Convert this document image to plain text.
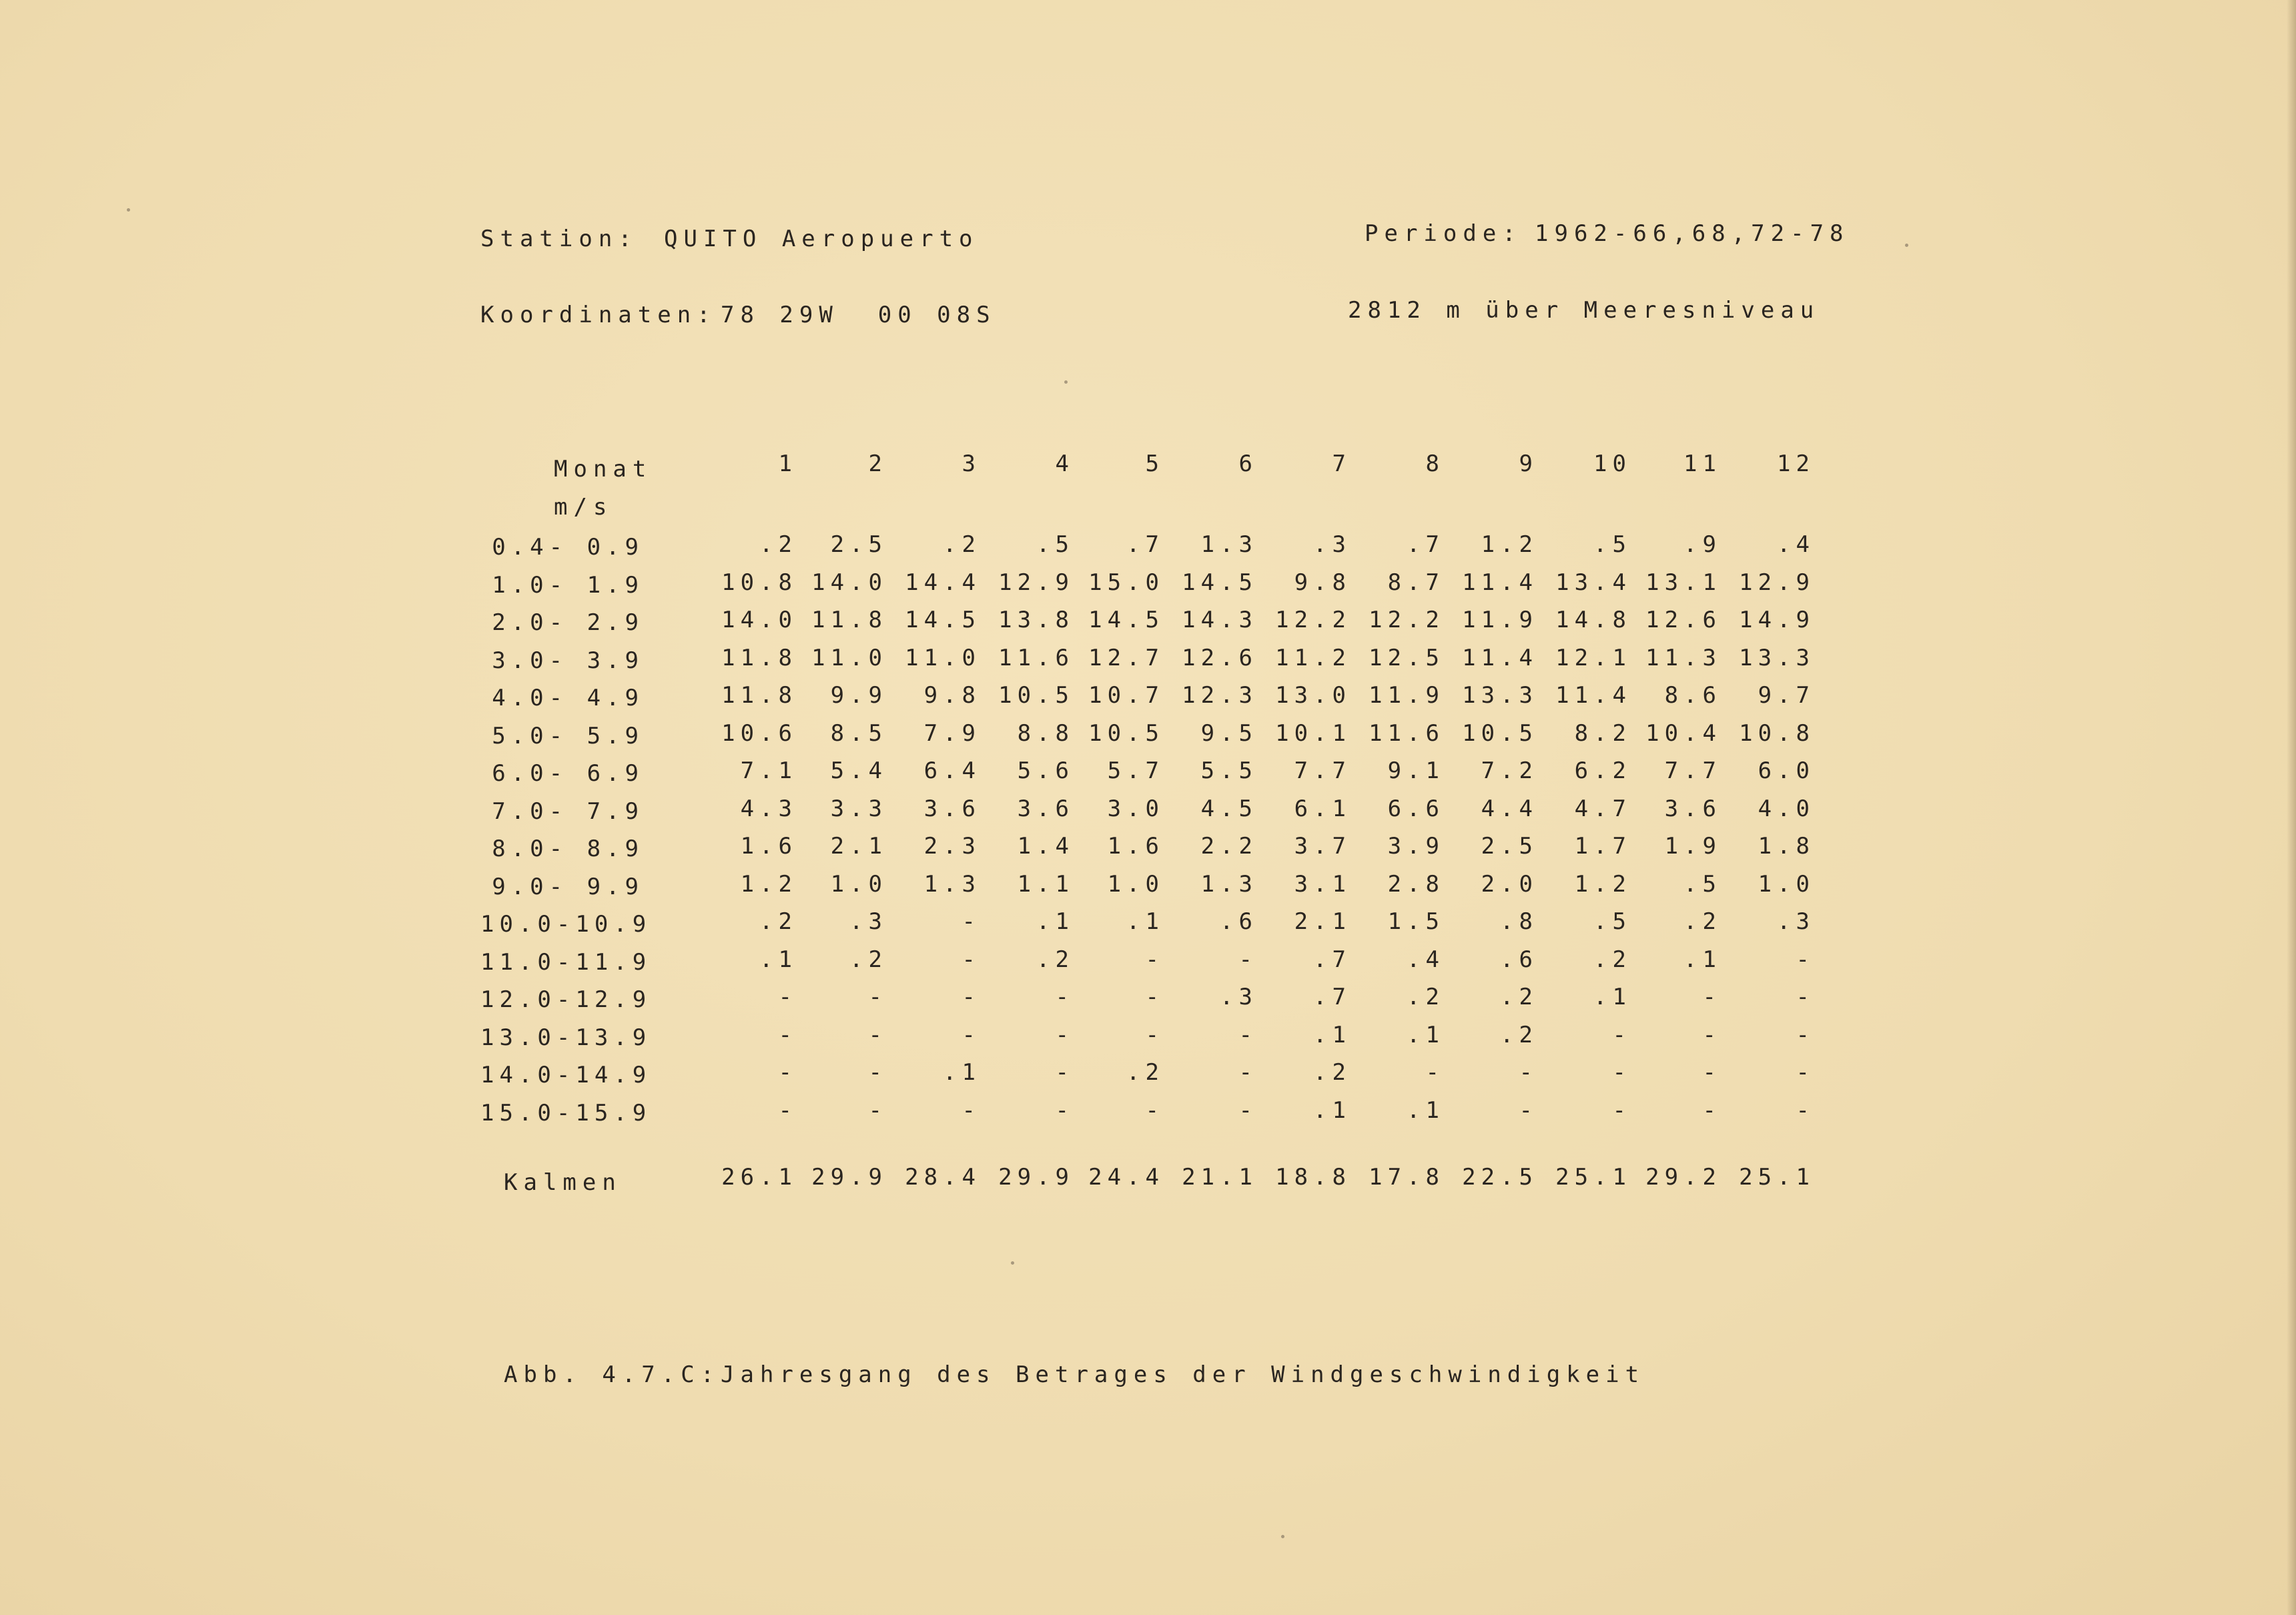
Station: QUITO Aeropuerto	Periode: 1962-66,68,72-78
Koordinaten: 78 29W  00 08S	2812 m über Meeresniveau
Monat
m/s
1	2	3	4	5	6	7	8	9	10	11	12
0.4- 0.9	.2	2.5	.2	.5	.7	1.3	.3	.7	1.2	.5	.9	.4
1.0- 1.9	10.8 14.0 14.4 12.9 15.0 14.5	9.8	8.7 11.4 13.4 13.1 12.9
2.0- 2.9	14.0 11.8 14.5 13.8 14.5 14.3 12.2 12.2 11.9 14.8 12.6 14.9
3.0- 3.9	11.8 11.0 11.0 11.6 12.7 12.6 11.2 12.5 11.4 12.1 11.3 13.3
4.0- 4.9	11.8	9.9	9.8 10.5 10.7 12.3 13.0 11.9 13.3 11.4	8.6	9.7
5.0- 5.9	10.6	8.5	7.9	8.8 10.5	9.5 10.1 11.6 10.5	8.2 10.4 10.8
6.0- 6.9	7.1	5.4	6.4	5.6	5.7	5.5	7.7	9.1	7.2	6.2	7.7	6.0
7.0- 7.9	4.3	3.3	3.6	3.6	3.0	4.5	6.1	6.6	4.4	4.7	3.6	4.0
8.0- 8.9	1.6	2.1	2.3	1.4	1.6	2.2	3.7	3.9	2.5	1.7	1.9	1.8
9.0- 9.9	1.2	1.0	1.3	1.1	1.0	1.3	3.1	2.8	2.0	1.2	.5	1.0
10.0-10.9	.2	.3	-	.1	.1	.6	2.1	1.5	.8	.5	.2	.3
11.0-11.9	.1	.2	-	.2	-	-	.7	.4	.6	.2	.1	-
12.0-12.9	-	-	-	-	-	.3	.7	.2	.2	.1	-	-
13.0-13.9	-	-	-	-	-	-	.1	.1	.2	-	-	-
14.0-14.9	-	-	.1	-	.2	-	.2	-	-	-	-	-
15.0-15.9	-	-	-	-	-	-	.1	.1	-	-	-	-
Kalmen	26.1 29.9 28.4 29.9 24.4 21.1 18.8 17.8 22.5 25.1 29.2 25.1
Abb. 4.7.C: Jahresgang des Betrages der Windgeschwindigkeit
